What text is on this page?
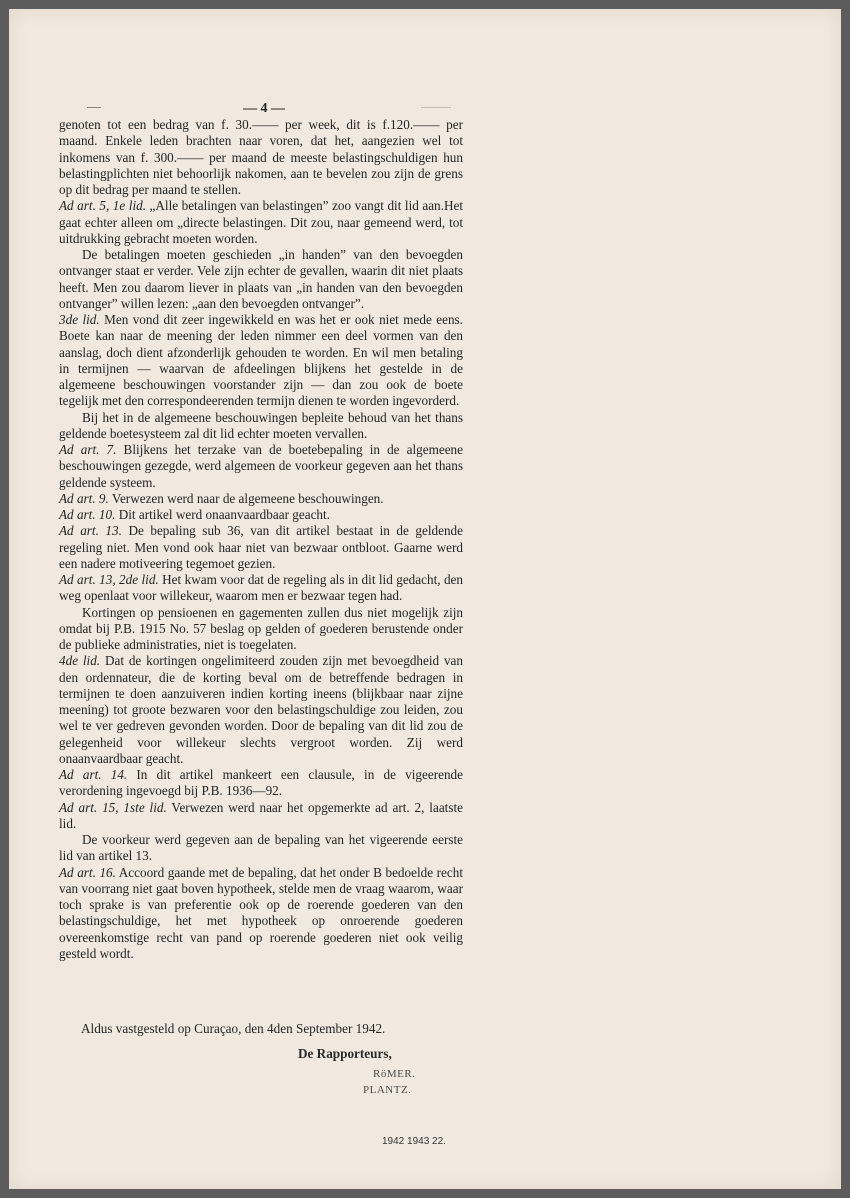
— 4 —

genoten tot een bedrag van f. 30.—— per week, dit is f.120.—— per maand. Enkele leden brachten naar voren, dat het, aangezien wel tot inkomens van f. 300.—— per maand de meeste belastingschuldigen hun belastingplichten niet behoorlijk nakomen, aan te bevelen zou zijn de grens op dit bedrag per maand te stellen.

Ad art. 5, 1e lid. „Alle betalingen van belastingen” zoo vangt dit lid aan.Het gaat echter alleen om „directe belastingen. Dit zou, naar gemeend werd, tot uitdrukking gebracht moeten worden.

De betalingen moeten geschieden „in handen” van den bevoegden ontvanger staat er verder. Vele zijn echter de gevallen, waarin dit niet plaats heeft. Men zou daarom liever in plaats van „in handen van den bevoegden ontvanger” willen lezen: „aan den bevoegden ontvanger”.

3de lid. Men vond dit zeer ingewikkeld en was het er ook niet mede eens. Boete kan naar de meening der leden nimmer een deel vormen van den aanslag, doch dient afzonderlijk gehouden te worden. En wil men betaling in termijnen — waarvan de afdeelingen blijkens het gestelde in de algemeene beschouwingen voorstander zijn — dan zou ook de boete tegelijk met den correspondeerenden termijn dienen te worden ingevorderd.

Bij het in de algemeene beschouwingen bepleite behoud van het thans geldende boetesysteem zal dit lid echter moeten vervallen.

Ad art. 7. Blijkens het terzake van de boetebepaling in de algemeene beschouwingen gezegde, werd algemeen de voorkeur gegeven aan het thans geldende systeem.

Ad art. 9. Verwezen werd naar de algemeene beschouwingen.

Ad art. 10. Dit artikel werd onaanvaardbaar geacht.

Ad art. 13. De bepaling sub 36, van dit artikel bestaat in de geldende regeling niet. Men vond ook haar niet van bezwaar ontbloot. Gaarne werd een nadere motiveering tegemoet gezien.

Ad art. 13, 2de lid. Het kwam voor dat de regeling als in dit lid gedacht, den weg openlaat voor willekeur, waarom men er bezwaar tegen had.

Kortingen op pensioenen en gagementen zullen dus niet mogelijk zijn omdat bij P.B. 1915 No. 57 beslag op gelden of goederen berustende onder de publieke administraties, niet is toegelaten.

4de lid. Dat de kortingen ongelimiteerd zouden zijn met bevoegdheid van den ordennateur, die de korting beval om de betreffende bedragen in termijnen te doen aanzuiveren indien korting ineens (blijkbaar naar zijne meening) tot groote bezwaren voor den belastingschuldige zou leiden, zou wel te ver gedreven gevonden worden. Door de bepaling van dit lid zou de gelegenheid voor willekeur slechts vergroot worden. Zij werd onaanvaardbaar geacht.

Ad art. 14. In dit artikel mankeert een clausule, in de vigeerende verordening ingevoegd bij P.B. 1936—92.

Ad art. 15, 1ste lid. Verwezen werd naar het opgemerkte ad art. 2, laatste lid.

De voorkeur werd gegeven aan de bepaling van het vigeerende eerste lid van artikel 13.

Ad art. 16. Accoord gaande met de bepaling, dat het onder B bedoelde recht van voorrang niet gaat boven hypotheek, stelde men de vraag waarom, waar toch sprake is van preferentie ook op de roerende goederen van den belastingschuldige, het met hypotheek op onroerende goederen overeenkomstige recht van pand op roerende goederen niet ook veilig gesteld wordt.

Aldus vastgesteld op Curaçao, den 4den September 1942.
De Rapporteurs,
RöMER.
PLANTZ.
1942 1943 22.
